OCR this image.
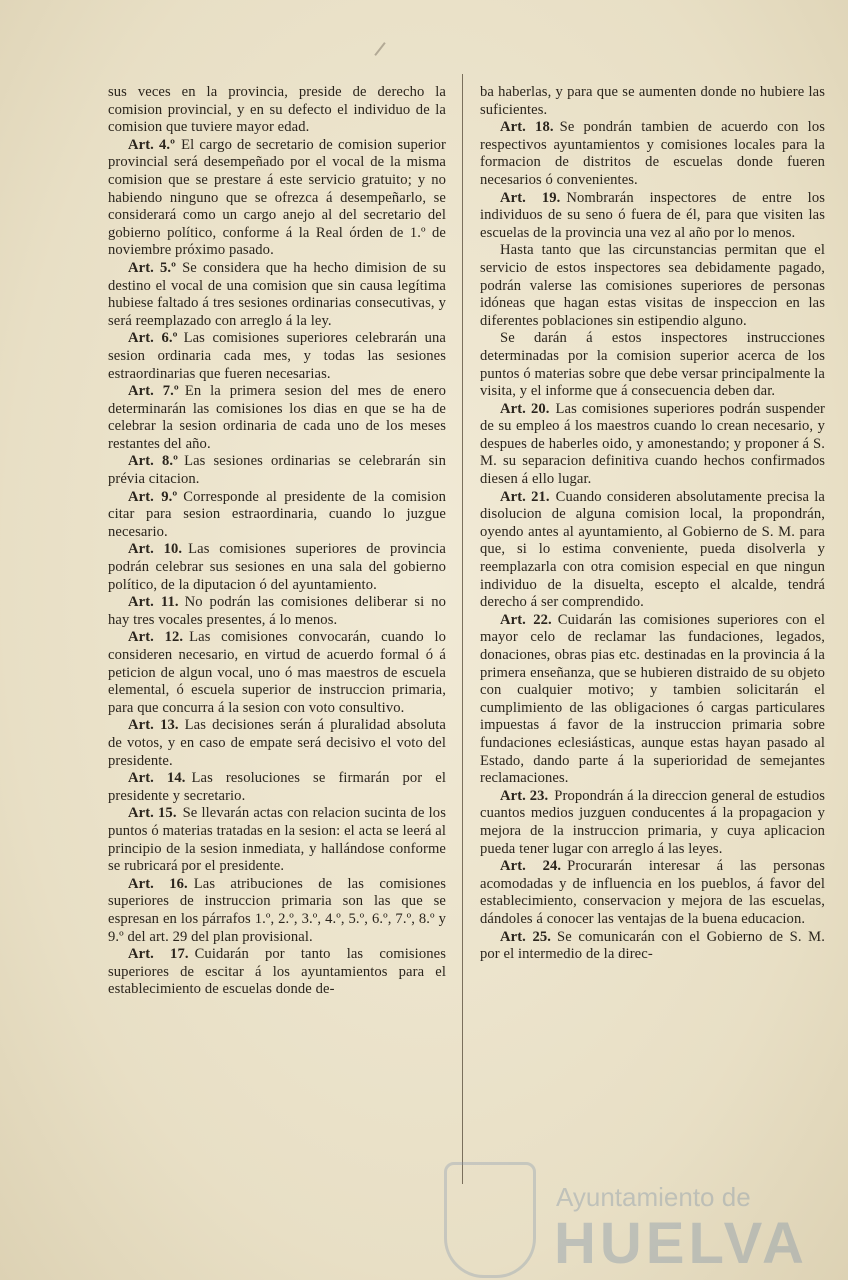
sus veces en la provincia, preside de derecho la comision provincial, y en su defecto el individuo de la comision que tuviere mayor edad.

Art. 4.º El cargo de secretario de comision superior provincial será desempeñado por el vocal de la misma comision que se prestare á este servicio gratuito; y no habiendo ninguno que se ofrezca á desempeñarlo, se considerará como un cargo anejo al del secretario del gobierno político, conforme á la Real órden de 1.º de noviembre próximo pasado.

Art. 5.º Se considera que ha hecho dimision de su destino el vocal de una comision que sin causa legítima hubiese faltado á tres sesiones ordinarias consecutivas, y será reemplazado con arreglo á la ley.

Art. 6.º Las comisiones superiores celebrarán una sesion ordinaria cada mes, y todas las sesiones estraordinarias que fueren necesarias.

Art. 7.º En la primera sesion del mes de enero determinarán las comisiones los dias en que se ha de celebrar la sesion ordinaria de cada uno de los meses restantes del año.

Art. 8.º Las sesiones ordinarias se celebrarán sin prévia citacion.

Art. 9.º Corresponde al presidente de la comision citar para sesion estraordinaria, cuando lo juzgue necesario.

Art. 10. Las comisiones superiores de provincia podrán celebrar sus sesiones en una sala del gobierno político, de la diputacion ó del ayuntamiento.

Art. 11. No podrán las comisiones deliberar si no hay tres vocales presentes, á lo menos.

Art. 12. Las comisiones convocarán, cuando lo consideren necesario, en virtud de acuerdo formal ó á peticion de algun vocal, uno ó mas maestros de escuela elemental, ó escuela superior de instruccion primaria, para que concurra á la sesion con voto consultivo.

Art. 13. Las decisiones serán á pluralidad absoluta de votos, y en caso de empate será decisivo el voto del presidente.

Art. 14. Las resoluciones se firmarán por el presidente y secretario.

Art. 15. Se llevarán actas con relacion sucinta de los puntos ó materias tratadas en la sesion: el acta se leerá al principio de la sesion inmediata, y hallándose conforme se rubricará por el presidente.

Art. 16. Las atribuciones de las comisiones superiores de instruccion primaria son las que se espresan en los párrafos 1.º, 2.º, 3.º, 4.º, 5.º, 6.º, 7.º, 8.º y 9.º del art. 29 del plan provisional.

Art. 17. Cuidarán por tanto las comisiones superiores de escitar á los ayuntamientos para el establecimiento de escuelas donde de-

ba haberlas, y para que se aumenten donde no hubiere las suficientes.

Art. 18. Se pondrán tambien de acuerdo con los respectivos ayuntamientos y comisiones locales para la formacion de distritos de escuelas donde fueren necesarios ó convenientes.

Art. 19. Nombrarán inspectores de entre los individuos de su seno ó fuera de él, para que visiten las escuelas de la provincia una vez al año por lo menos.

Hasta tanto que las circunstancias permitan que el servicio de estos inspectores sea debidamente pagado, podrán valerse las comisiones superiores de personas idóneas que hagan estas visitas de inspeccion en las diferentes poblaciones sin estipendio alguno.

Se darán á estos inspectores instrucciones determinadas por la comision superior acerca de los puntos ó materias sobre que debe versar principalmente la visita, y el informe que á consecuencia deben dar.

Art. 20. Las comisiones superiores podrán suspender de su empleo á los maestros cuando lo crean necesario, y despues de haberles oido, y amonestando; y proponer á S. M. su separacion definitiva cuando hechos confirmados diesen á ello lugar.

Art. 21. Cuando consideren absolutamente precisa la disolucion de alguna comision local, la propondrán, oyendo antes al ayuntamiento, al Gobierno de S. M. para que, si lo estima conveniente, pueda disolverla y reemplazarla con otra comision especial en que ningun individuo de la disuelta, escepto el alcalde, tendrá derecho á ser comprendido.

Art. 22. Cuidarán las comisiones superiores con el mayor celo de reclamar las fundaciones, legados, donaciones, obras pias etc. destinadas en la provincia á la primera enseñanza, que se hubieren distraido de su objeto con cualquier motivo; y tambien solicitarán el cumplimiento de las obligaciones ó cargas particulares impuestas á favor de la instruccion primaria sobre fundaciones eclesiásticas, aunque estas hayan pasado al Estado, dando parte á la superioridad de semejantes reclamaciones.

Art. 23. Propondrán á la direccion general de estudios cuantos medios juzguen conducentes á la propagacion y mejora de la instruccion primaria, y cuya aplicacion pueda tener lugar con arreglo á las leyes.

Art. 24. Procurarán interesar á las personas acomodadas y de influencia en los pueblos, á favor del establecimiento, conservacion y mejora de las escuelas, dándoles á conocer las ventajas de la buena educacion.

Art. 25. Se comunicarán con el Gobierno de S. M. por el intermedio de la direc-

Ayuntamiento de
HUELVA
